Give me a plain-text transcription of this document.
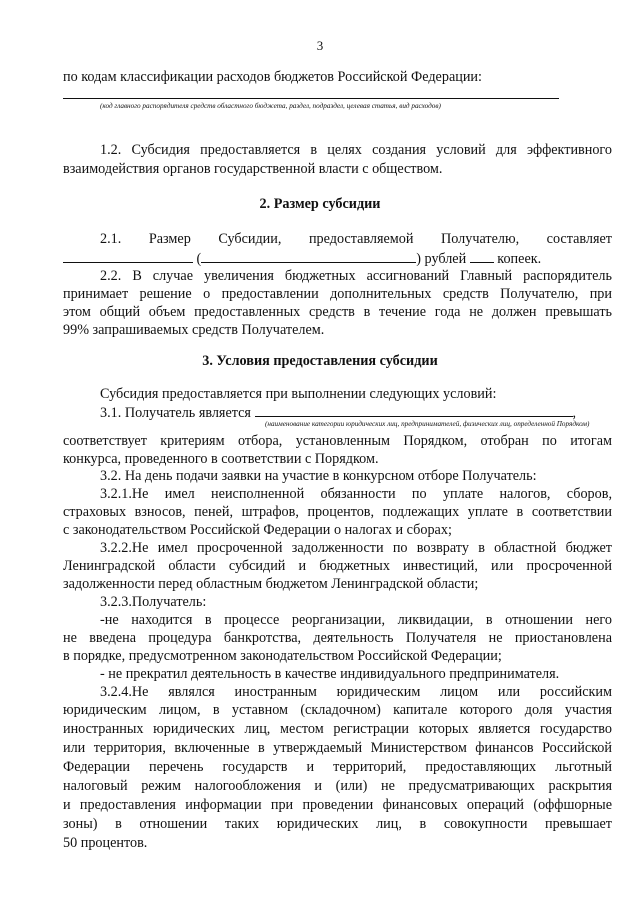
3
по кодам классификации расходов бюджетов Российской Федерации:
(код главного распорядителя средств областного бюджета, раздел, подраздел, целевая статья, вид расходов)
1.2. Субсидия предоставляется в целях создания условий для эффективного
взаимодействия органов государственной власти с обществом.
2. Размер субсидии
2.1. Размер Субсидии, предоставляемой Получателю, составляет
(	) рублей копеек.
2.2. В случае увеличения бюджетных ассигнований Главный распорядитель
принимает решение о предоставлении дополнительных средств Получателю, при
этом общий объем предоставленных средств в течение года не должен превышать
99% запрашиваемых средств Получателем.
3. Условия предоставления субсидии
Субсидия предоставляется при выполнении следующих условий:
3.1. Получатель является	,
(наименование категории юридических лиц, предпринимателей, физических лиц, определенной Порядком)
соответствует критериям отбора, установленным Порядком, отобран по итогам
конкурса, проведенного в соответствии с Порядком.
3.2. На день подачи заявки на участие в конкурсном отборе Получатель:
3.2.1.Не имел неисполненной обязанности по уплате налогов, сборов,
страховых взносов, пеней, штрафов, процентов, подлежащих уплате в соответствии
с законодательством Российской Федерации о налогах и сборах;
3.2.2.Не имел просроченной задолженности по возврату в областной бюджет
Ленинградской области субсидий и бюджетных инвестиций, или просроченной
задолженности перед областным бюджетом Ленинградской области;
3.2.3.Получатель:
-не находится в процессе реорганизации, ликвидации, в отношении него
не введена процедура банкротства, деятельность Получателя не приостановлена
в порядке, предусмотренном законодательством Российской Федерации;
- не прекратил деятельность в качестве индивидуального предпринимателя.
3.2.4.Не являлся иностранным юридическим лицом или российским
юридическим лицом, в уставном (складочном) капитале которого доля участия
иностранных юридических лиц, местом регистрации которых является государство
или территория, включенные в утверждаемый Министерством финансов Российской
Федерации перечень государств и территорий, предоставляющих льготный
налоговый режим налогообложения и (или) не предусматривающих раскрытия
и предоставления информации при проведении финансовых операций (оффшорные
зоны) в отношении таких юридических лиц, в совокупности превышает
50 процентов.
